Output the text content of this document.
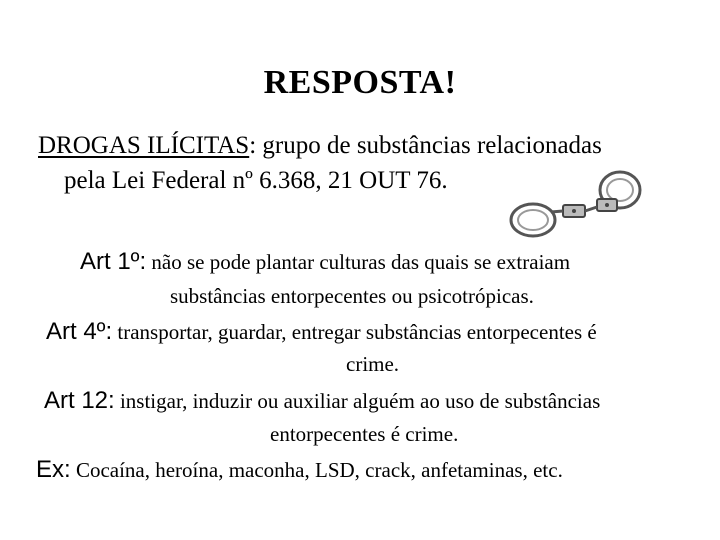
RESPOSTA!
DROGAS ILÍCITAS: grupo de substâncias relacionadas
pela Lei Federal nº 6.368, 21 OUT 76.
Art 1º: não se pode plantar culturas das quais se extraiam
substâncias entorpecentes ou psicotrópicas.
Art 4º: transportar, guardar, entregar substâncias entorpecentes é
crime.
Art 12: instigar, induzir ou auxiliar alguém ao uso de substâncias
entorpecentes é crime.
Ex: Cocaína, heroína, maconha, LSD, crack, anfetaminas, etc.
